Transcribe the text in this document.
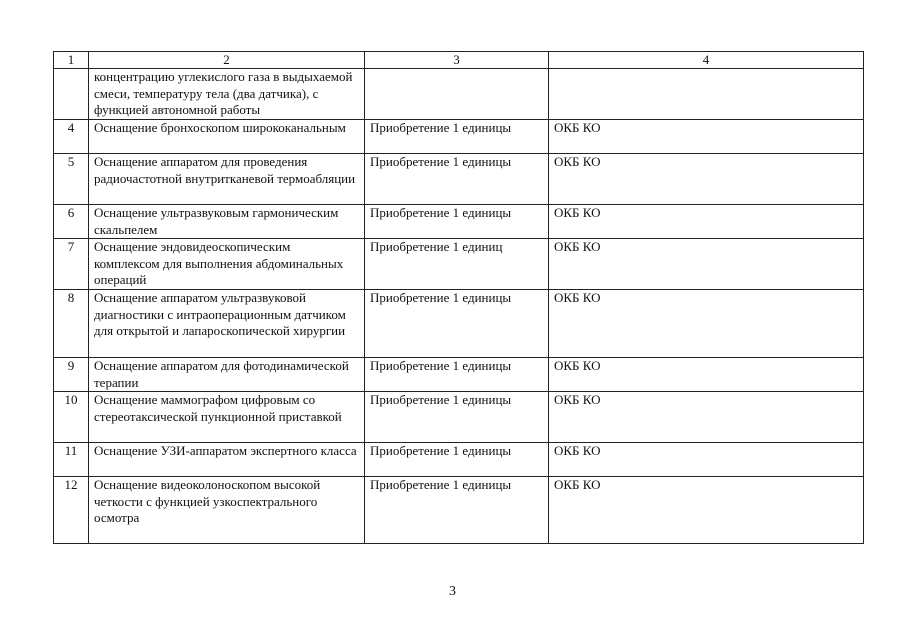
1	2	3	4
	концентрацию углекислого газа в выдыхаемой смеси, температуру тела (два датчика), с функцией автономной работы		
4	Оснащение бронхоскопом ширококанальным	Приобретение 1 единицы	ОКБ КО
5	Оснащение аппаратом для проведения радиочастотной внутритканевой термоабляции	Приобретение 1 единицы	ОКБ КО
6	Оснащение ультразвуковым гармоническим скальпелем	Приобретение 1 единицы	ОКБ КО
7	Оснащение эндовидеоскопическим комплексом для выполнения абдоминальных операций	Приобретение 1 единиц	ОКБ КО
8	Оснащение аппаратом ультразвуковой диагностики с интраоперационным датчиком для открытой и лапароскопической хирургии	Приобретение 1 единицы	ОКБ КО
9	Оснащение аппаратом для фотодинамической терапии	Приобретение 1 единицы	ОКБ КО
10	Оснащение маммографом цифровым со стереотаксической пункционной приставкой	Приобретение 1 единицы	ОКБ КО
11	Оснащение УЗИ-аппаратом экспертного класса	Приобретение 1 единицы	ОКБ КО
12	Оснащение видеоколоноскопом высокой четкости с функцией узкоспектрального осмотра	Приобретение 1 единицы	ОКБ КО
3
